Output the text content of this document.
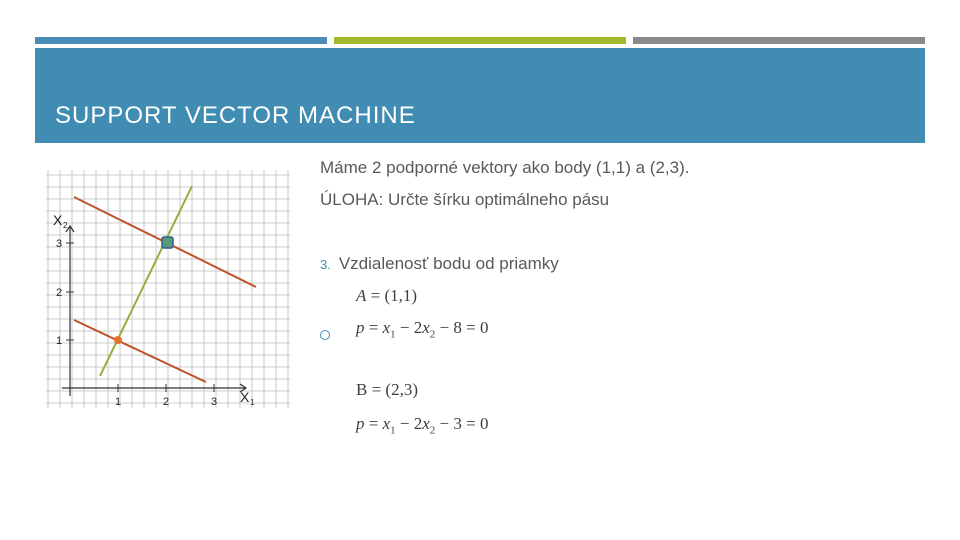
SUPPORT VECTOR MACHINE
1	2	3
1
2
3
X 1
X 2
Máme 2 podporné vektory ako body (1,1) a (2,3).
ÚLOHA: Určte šírku optimálneho pásu
3. Vzdialenosť bodu od priamky
A = (1,1)
$p = x_1 - 2x_2 - 8 = 0$
B = (2,3)
$p = x_1 - 2x_2 - 3 = 0$
